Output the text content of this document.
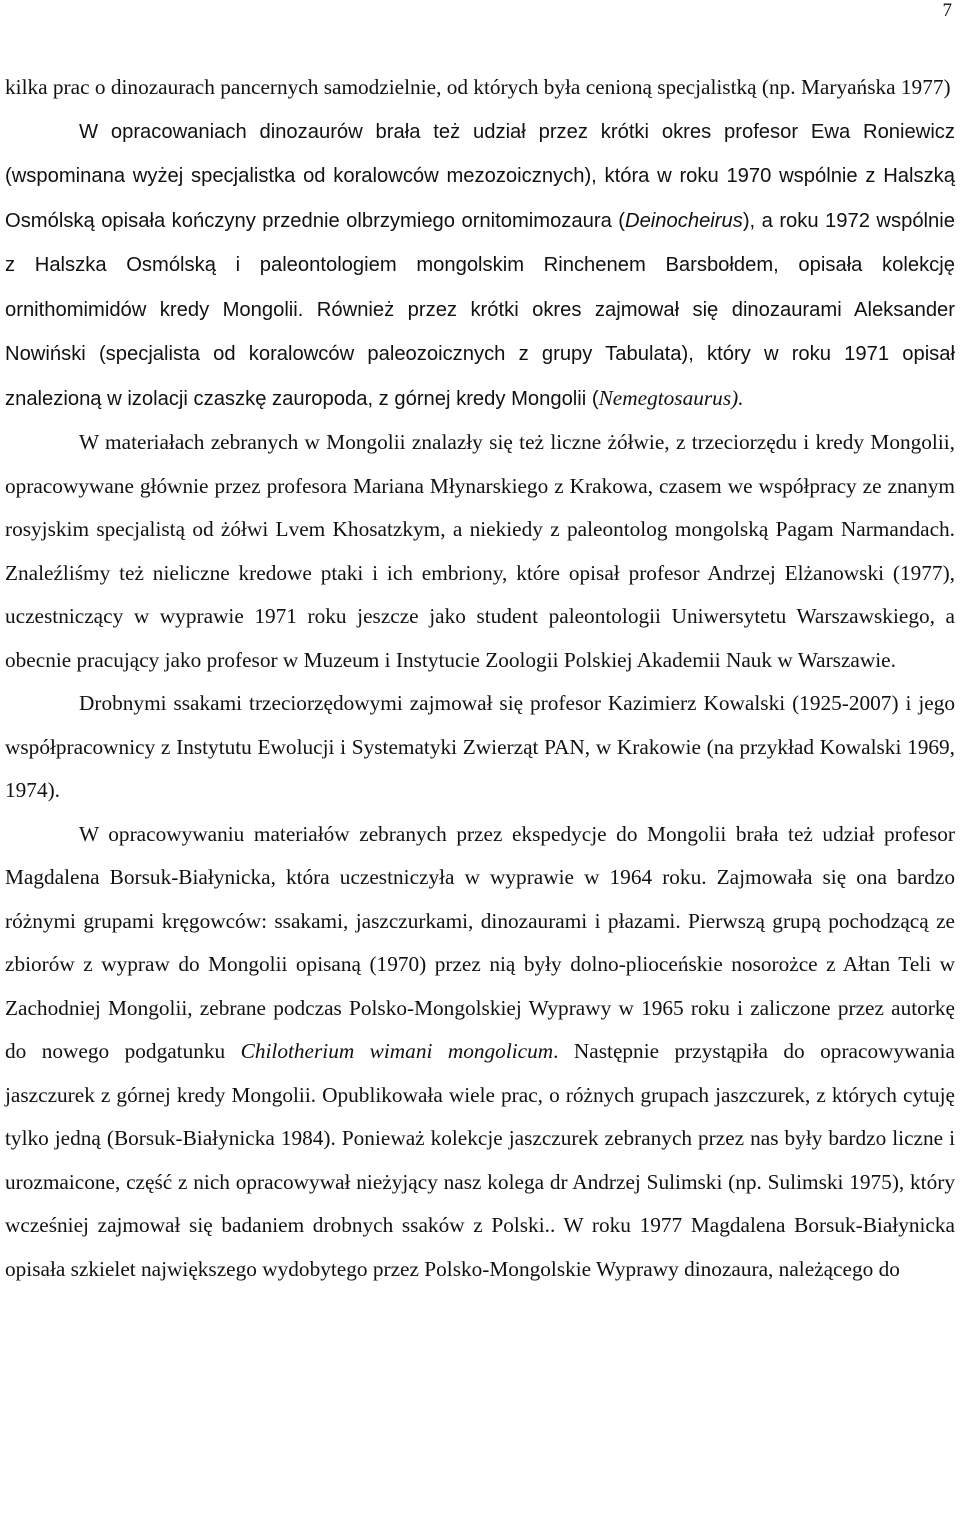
7

kilka prac o dinozaurach pancernych samodzielnie, od których była cenioną specjalistką (np. Maryańska 1977)

W opracowaniach dinozaurów brała też udział przez krótki okres profesor Ewa Roniewicz (wspominana wyżej specjalistka od koralowców mezozoicznych), która w roku 1970 wspólnie z Halszką Osmólską opisała kończyny przednie olbrzymiego ornitomimozaura (Deinocheirus), a roku 1972 wspólnie z Halszka Osmólską i paleontologiem mongolskim Rinchenem Barsbołdem, opisała kolekcję ornithomimidów kredy Mongolii. Również przez krótki okres zajmował się dinozaurami Aleksander Nowiński (specjalista od koralowców paleozoicznych z grupy Tabulata), który w roku 1971 opisał znalezioną w izolacji czaszkę zauropoda, z górnej kredy Mongolii (Nemegtosaurus).

W materiałach zebranych w Mongolii znalazły się też liczne żółwie, z trzeciorzędu i kredy Mongolii, opracowywane głównie przez profesora Mariana Młynarskiego z Krakowa, czasem we współpracy ze znanym rosyjskim specjalistą od żółwi Lvem Khosatzkym, a niekiedy z paleontolog mongolską Pagam Narmandach. Znaleźliśmy też nieliczne kredowe ptaki i ich embriony, które opisał profesor Andrzej Elżanowski (1977), uczestniczący w wyprawie 1971 roku jeszcze jako student paleontologii Uniwersytetu Warszawskiego, a obecnie pracujący jako profesor w Muzeum i Instytucie Zoologii Polskiej Akademii Nauk w Warszawie.

Drobnymi ssakami trzeciorzędowymi zajmował się profesor Kazimierz Kowalski (1925-2007) i jego współpracownicy z Instytutu Ewolucji i Systematyki Zwierząt PAN, w Krakowie (na przykład Kowalski 1969, 1974).

W opracowywaniu materiałów zebranych przez ekspedycje do Mongolii brała też udział profesor Magdalena Borsuk-Białynicka, która uczestniczyła w wyprawie w 1964 roku. Zajmowała się ona bardzo różnymi grupami kręgowców: ssakami, jaszczurkami, dinozaurami i płazami. Pierwszą grupą pochodzącą ze zbiorów z wypraw do Mongolii opisaną (1970) przez nią były dolno-plioceńskie nosorożce z Ałtan Teli w Zachodniej Mongolii, zebrane podczas Polsko-Mongolskiej Wyprawy w 1965 roku i zaliczone przez autorkę do nowego podgatunku Chilotherium wimani mongolicum. Następnie przystąpiła do opracowywania jaszczurek z górnej kredy Mongolii. Opublikowała wiele prac, o różnych grupach jaszczurek, z których cytuję tylko jedną (Borsuk-Białynicka 1984). Ponieważ kolekcje jaszczurek zebranych przez nas były bardzo liczne i urozmaicone, część z nich opracowywał nieżyjący nasz kolega dr Andrzej Sulimski (np. Sulimski 1975), który wcześniej zajmował się badaniem drobnych ssaków z Polski.. W roku 1977 Magdalena Borsuk-Białynicka opisała szkielet największego wydobytego przez Polsko-Mongolskie Wyprawy dinozaura, należącego do
